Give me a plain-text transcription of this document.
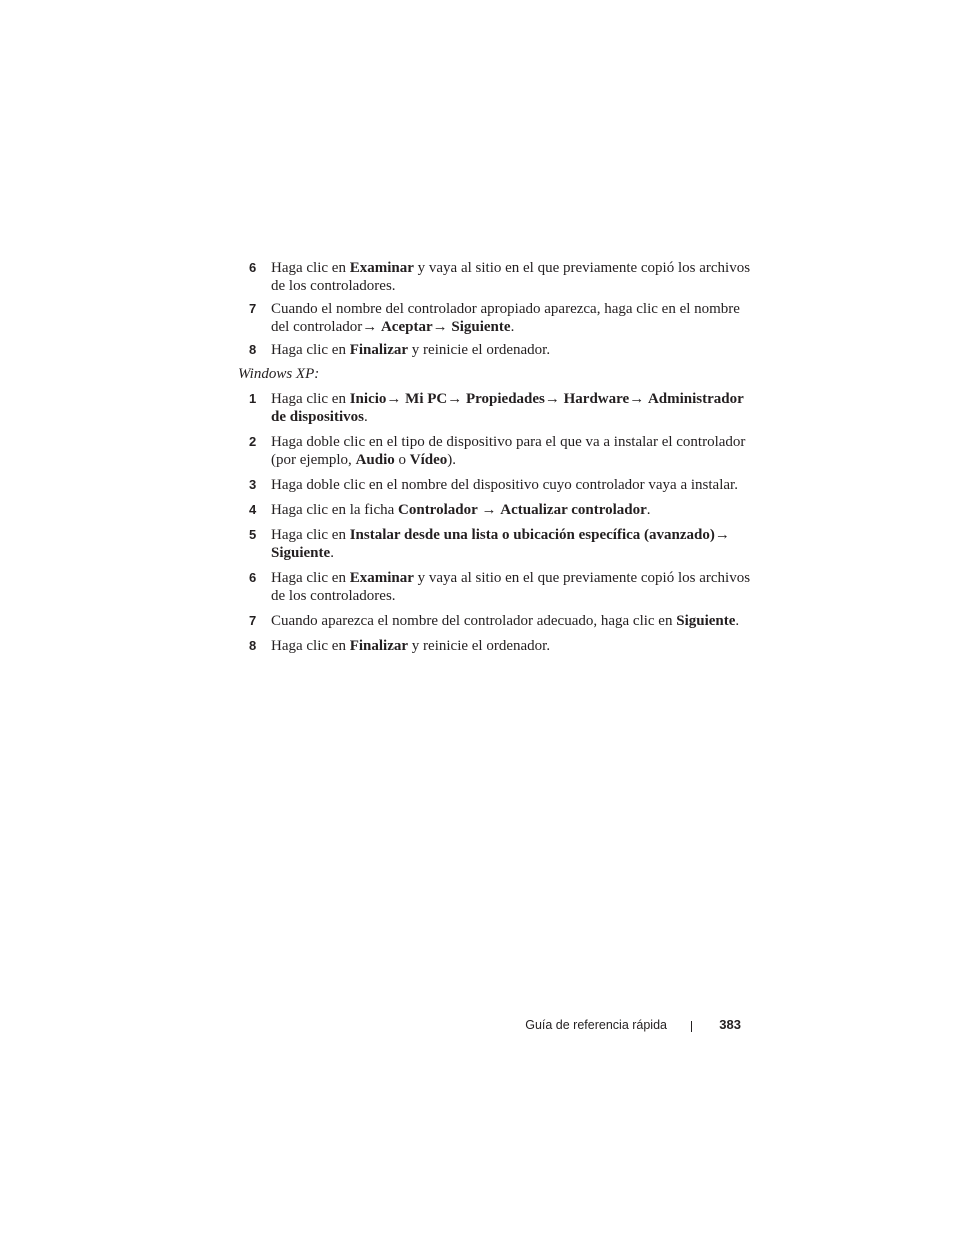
6 Haga clic en Examinar y vaya al sitio en el que previamente copió los archivos de los controladores.
7 Cuando el nombre del controlador apropiado aparezca, haga clic en el nombre del controlador→ Aceptar→ Siguiente.
8 Haga clic en Finalizar y reinicie el ordenador.
Windows XP:
1 Haga clic en Inicio→ Mi PC→ Propiedades→ Hardware→ Administrador de dispositivos.
2 Haga doble clic en el tipo de dispositivo para el que va a instalar el controlador (por ejemplo, Audio o Vídeo).
3 Haga doble clic en el nombre del dispositivo cuyo controlador vaya a instalar.
4 Haga clic en la ficha Controlador → Actualizar controlador.
5 Haga clic en Instalar desde una lista o ubicación específica (avanzado)→ Siguiente.
6 Haga clic en Examinar y vaya al sitio en el que previamente copió los archivos de los controladores.
7 Cuando aparezca el nombre del controlador adecuado, haga clic en Siguiente.
8 Haga clic en Finalizar y reinicie el ordenador.
Guía de referencia rápida	383
